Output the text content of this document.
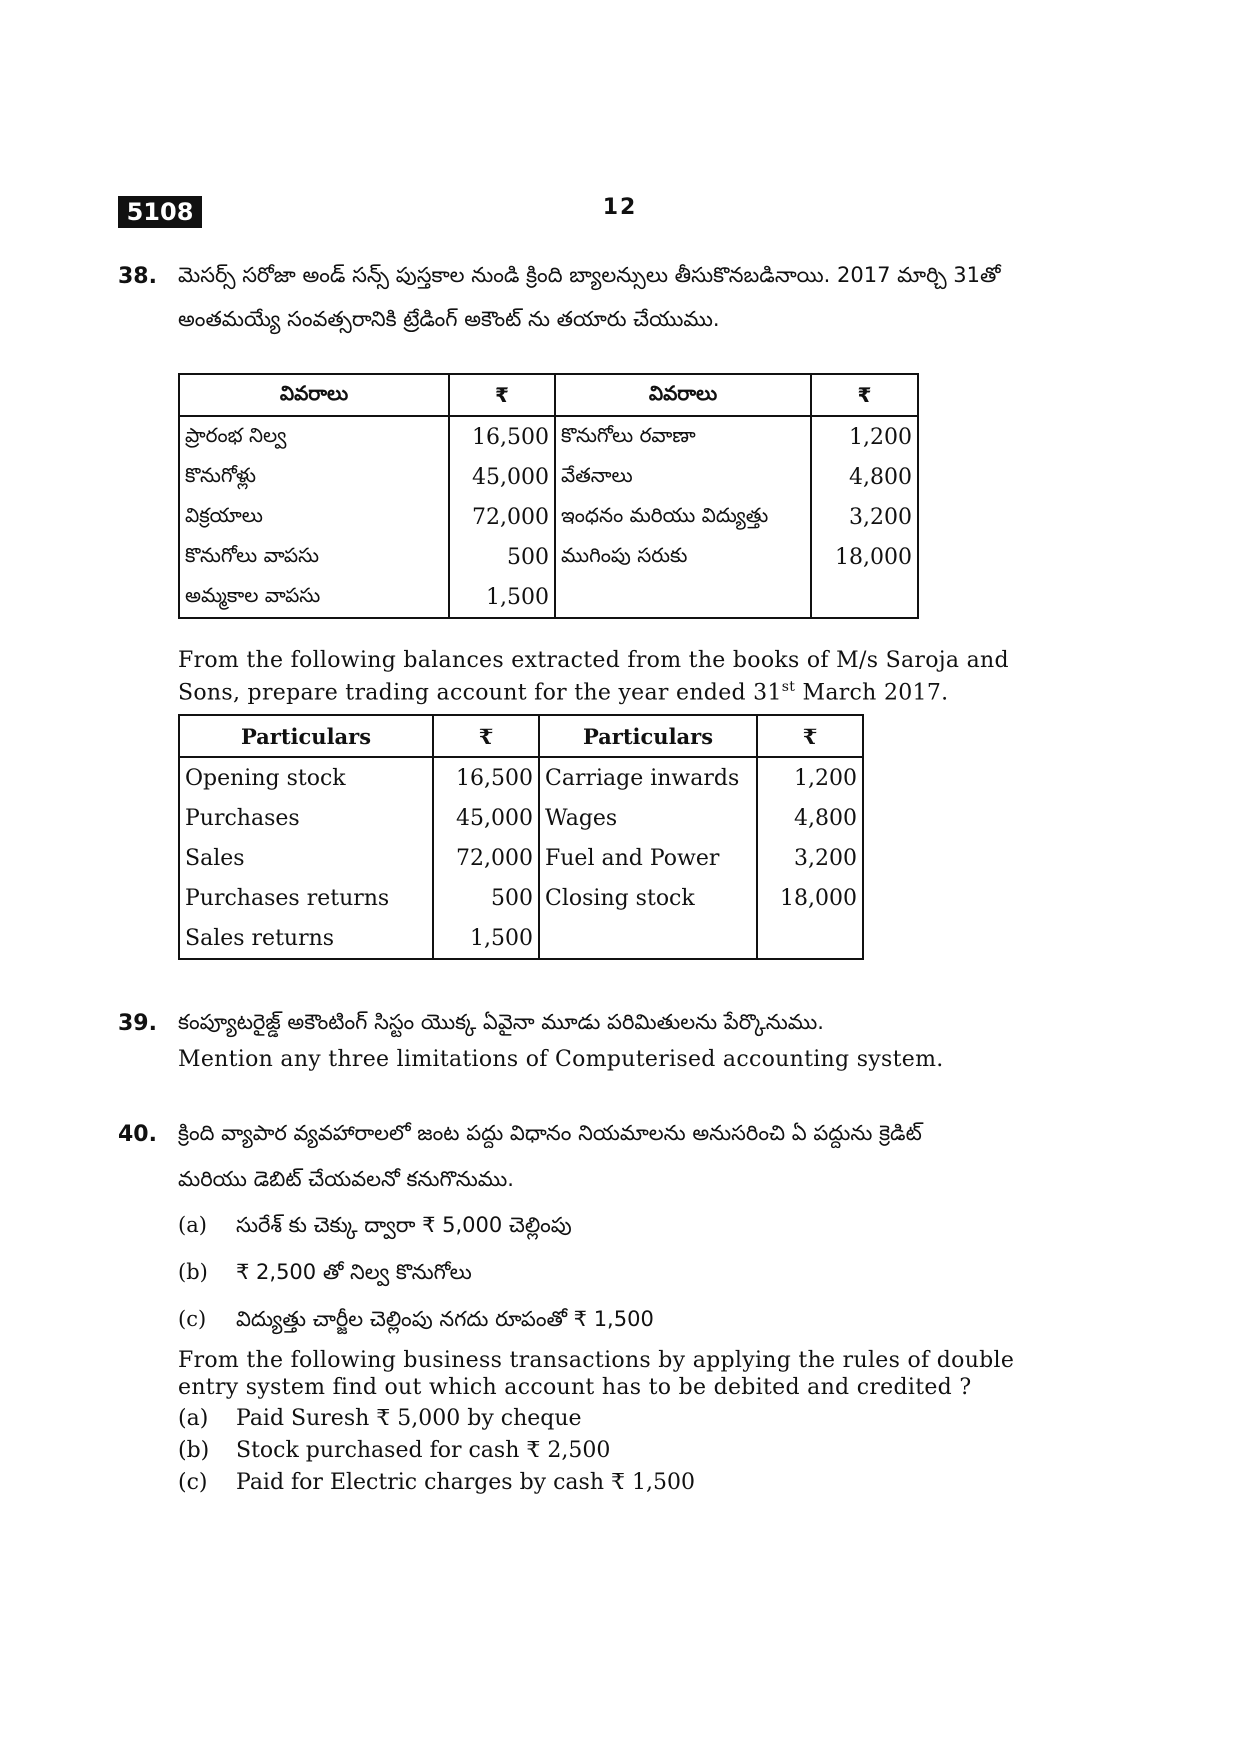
5108	12
38. మెసర్స్ సరోజా అండ్ సన్స్ పుస్తకాల నుండి క్రింది బ్యాలన్సులు తీసుకొనబడినాయి. 2017 మార్చి 31తో
అంతమయ్యే సంవత్సరానికి ట్రేడింగ్ అకౌంట్ ను తయారు చేయుము.
వివరాలు	₹	వివరాలు	₹
ప్రారంభ నిల్వ	16,500	కొనుగోలు రవాణా	1,200
కొనుగోళ్లు	45,000	వేతనాలు	4,800
విక్రయాలు	72,000	ఇంధనం మరియు విద్యుత్తు	3,200
కొనుగోలు వాపసు	500	ముగింపు సరుకు	18,000
అమ్మకాల వాపసు	1,500		
From the following balances extracted from the books of M/s Saroja and
Sons, prepare trading account for the year ended 31st March 2017.
Particulars	₹	Particulars	₹
Opening stock	16,500	Carriage inwards	1,200
Purchases	45,000	Wages	4,800
Sales	72,000	Fuel and Power	3,200
Purchases returns	500	Closing stock	18,000
Sales returns	1,500		
39. కంప్యూటరైజ్డ్ అకౌంటింగ్ సిస్టం యొక్క ఏవైనా మూడు పరిమితులను పేర్కొనుము.
Mention any three limitations of Computerised accounting system.
40. క్రింది వ్యాపార వ్యవహారాలలో జంట పద్దు విధానం నియమాలను అనుసరించి ఏ పద్దును క్రెడిట్
మరియు డెబిట్ చేయవలనో కనుగొనుము.
(a) సురేశ్ కు చెక్కు ద్వారా ₹ 5,000 చెల్లింపు
(b) ₹ 2,500 తో నిల్వ కొనుగోలు
(c) విద్యుత్తు చార్జీల చెల్లింపు నగదు రూపంతో ₹ 1,500
From the following business transactions by applying the rules of double
entry system find out which account has to be debited and credited ?
(a) Paid Suresh ₹ 5,000 by cheque
(b) Stock purchased for cash ₹ 2,500
(c) Paid for Electric charges by cash ₹ 1,500
